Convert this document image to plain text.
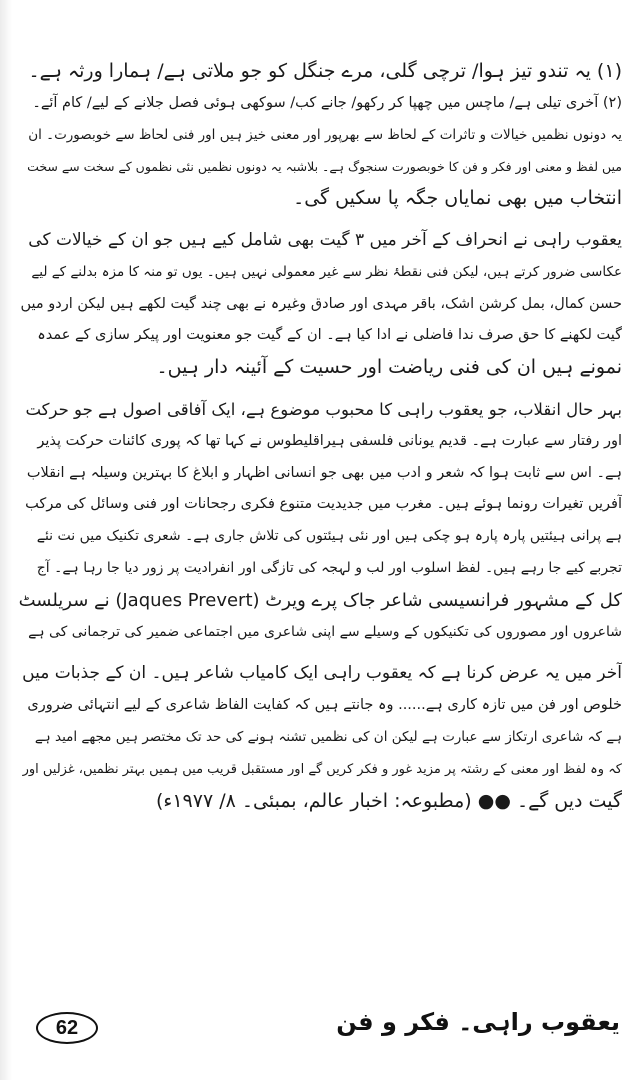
(۱) یہ تندو تیز ہوا/ ترچی گلی، مرے جنگل کو جو ملاتی ہے/ ہمارا ورثہ ہے۔
(۲) آخری تیلی ہے/ ماچس میں چھپا کر رکھو/ جانے کب/ سوکھی ہوئی فصل جلانے کے لیے/ کام آئے۔
یہ دونوں نظمیں خیالات و تاثرات کے لحاظ سے بھرپور اور معنی خیز ہیں اور فنی لحاظ سے خوبصورت۔ ان
میں لفظ و معنی اور فکر و فن کا خوبصورت سنجوگ ہے۔ بلاشبہ یہ دونوں نظمیں نئی نظموں کے سخت سے سخت
انتخاب میں بھی نمایاں جگہ پا سکیں گی۔
یعقوب راہی نے انحراف کے آخر میں ۳ گیت بھی شامل کیے ہیں جو ان کے خیالات کی
عکاسی ضرور کرتے ہیں، لیکن فنی نقطۂ نظر سے غیر معمولی نہیں ہیں۔ یوں تو منہ کا مزہ بدلنے کے لیے
حسن کمال، بمل کرشن اشک، باقر مہدی اور صادق وغیرہ نے بھی چند گیت لکھے ہیں لیکن اردو میں
گیت لکھنے کا حق صرف ندا فاضلی نے ادا کیا ہے۔ ان کے گیت جو معنویت اور پیکر سازی کے عمدہ
نمونے ہیں ان کی فنی ریاضت اور حسیت کے آئینہ دار ہیں۔
بہر حال انقلاب، جو یعقوب راہی کا محبوب موضوع ہے، ایک آفاقی اصول ہے جو حرکت
اور رفتار سے عبارت ہے۔ قدیم یونانی فلسفی ہیراقلیطوس نے کہا تھا کہ پوری کائنات حرکت پذیر
ہے۔ اس سے ثابت ہوا کہ شعر و ادب میں بھی جو انسانی اظہار و ابلاغ کا بہترین وسیلہ ہے انقلاب
آفریں تغیرات رونما ہوئے ہیں۔ مغرب میں جدیدیت متنوع فکری رجحانات اور فنی وسائل کی مرکب
ہے پرانی ہیئتیں پارہ پارہ ہو چکی ہیں اور نئی ہیئتوں کی تلاش جاری ہے۔ شعری تکنیک میں نت نئے
تجربے کیے جا رہے ہیں۔ لفظ اسلوب اور لب و لہجہ کی تازگی اور انفرادیت پر زور دیا جا رہا ہے۔ آج
کل کے مشہور فرانسیسی شاعر جاک پرے ویرٹ (Jaques Prevert) نے سریلسٹ
شاعروں اور مصوروں کی تکنیکوں کے وسیلے سے اپنی شاعری میں اجتماعی ضمیر کی ترجمانی کی ہے
آخر میں یہ عرض کرنا ہے کہ یعقوب راہی ایک کامیاب شاعر ہیں۔ ان کے جذبات میں
خلوص اور فن میں تازہ کاری ہے...... وہ جانتے ہیں کہ کفایت الفاظ شاعری کے لیے انتہائی ضروری
ہے کہ شاعری ارتکاز سے عبارت ہے لیکن ان کی نظمیں تشنہ ہونے کی حد تک مختصر ہیں مجھے امید ہے
کہ وہ لفظ اور معنی کے رشتہ پر مزید غور و فکر کریں گے اور مستقبل قریب میں ہمیں بہتر نظمیں، غزلیں اور
گیت دیں گے۔ ●● (مطبوعہ: اخبار عالم، بمبئی۔ ۸/ ۱۹۷۷ء)
62	یعقوب راہی۔ فکر و فن
